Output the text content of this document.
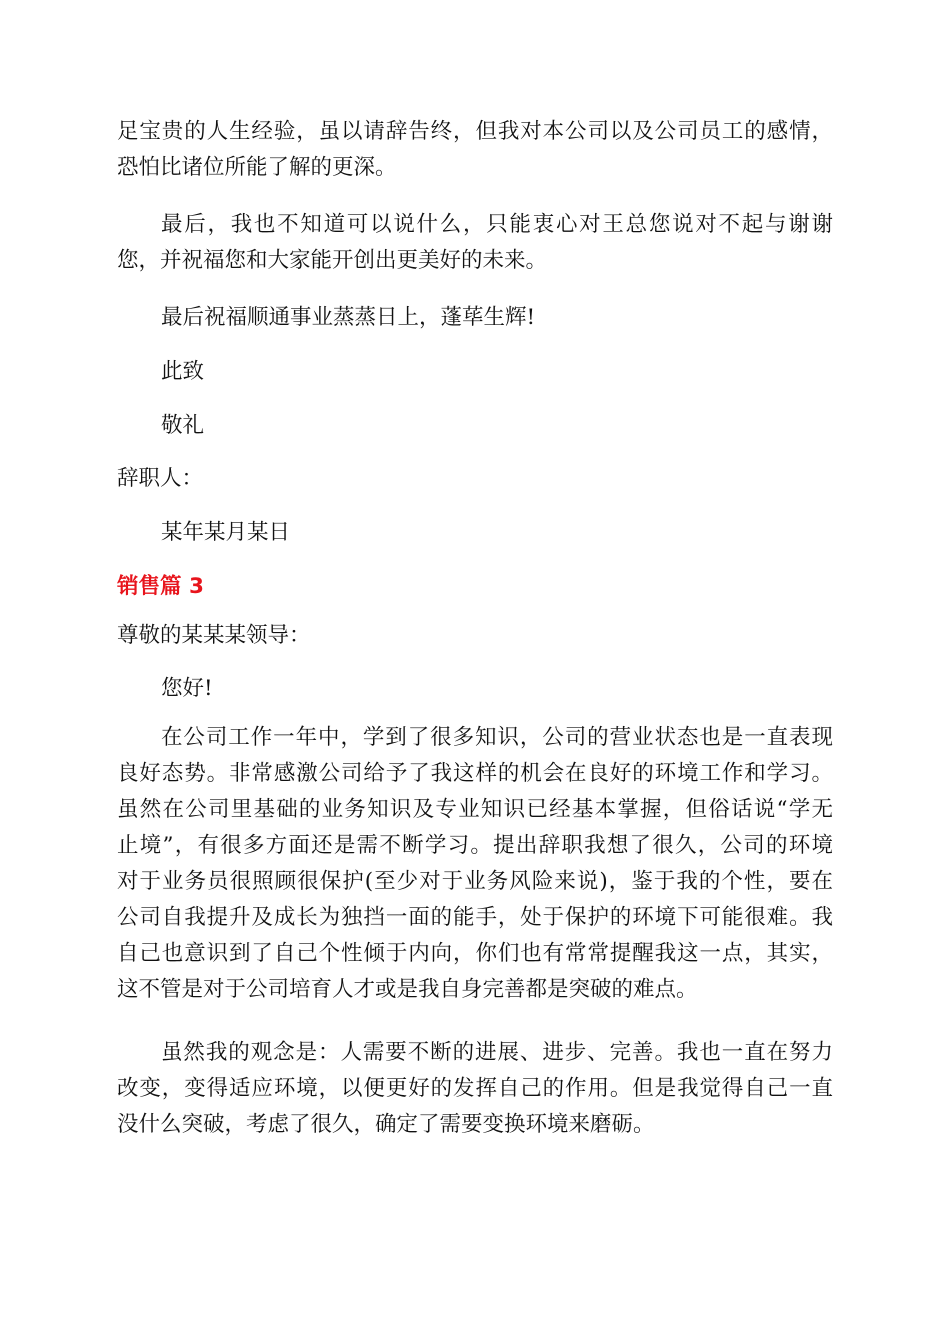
足宝贵的人生经验，虽以请辞告终，但我对本公司以及公司员工的感情，
恐怕比诸位所能了解的更深。
最后，我也不知道可以说什么，只能衷心对王总您说对不起与谢谢
您，并祝福您和大家能开创出更美好的未来。

最后祝福顺通事业蒸蒸日上，蓬荜生辉!

此致

敬礼

辞职人：

某年某月某日

销售篇 3

尊敬的某某某领导：

您好!

在公司工作一年中，学到了很多知识，公司的营业状态也是一直表现
良好态势。非常感激公司给予了我这样的机会在良好的环境工作和学习。
虽然在公司里基础的业务知识及专业知识已经基本掌握，但俗话说“学无
止境”，有很多方面还是需不断学习。提出辞职我想了很久，公司的环境
对于业务员很照顾很保护(至少对于业务风险来说)，鉴于我的个性，要在
公司自我提升及成长为独挡一面的能手，处于保护的环境下可能很难。我
自己也意识到了自己个性倾于内向，你们也有常常提醒我这一点，其实，
这不管是对于公司培育人才或是我自身完善都是突破的难点。
虽然我的观念是：人需要不断的进展、进步、完善。我也一直在努力
改变，变得适应环境，以便更好的发挥自己的作用。但是我觉得自己一直
没什么突破，考虑了很久，确定了需要变换环境来磨砺。
